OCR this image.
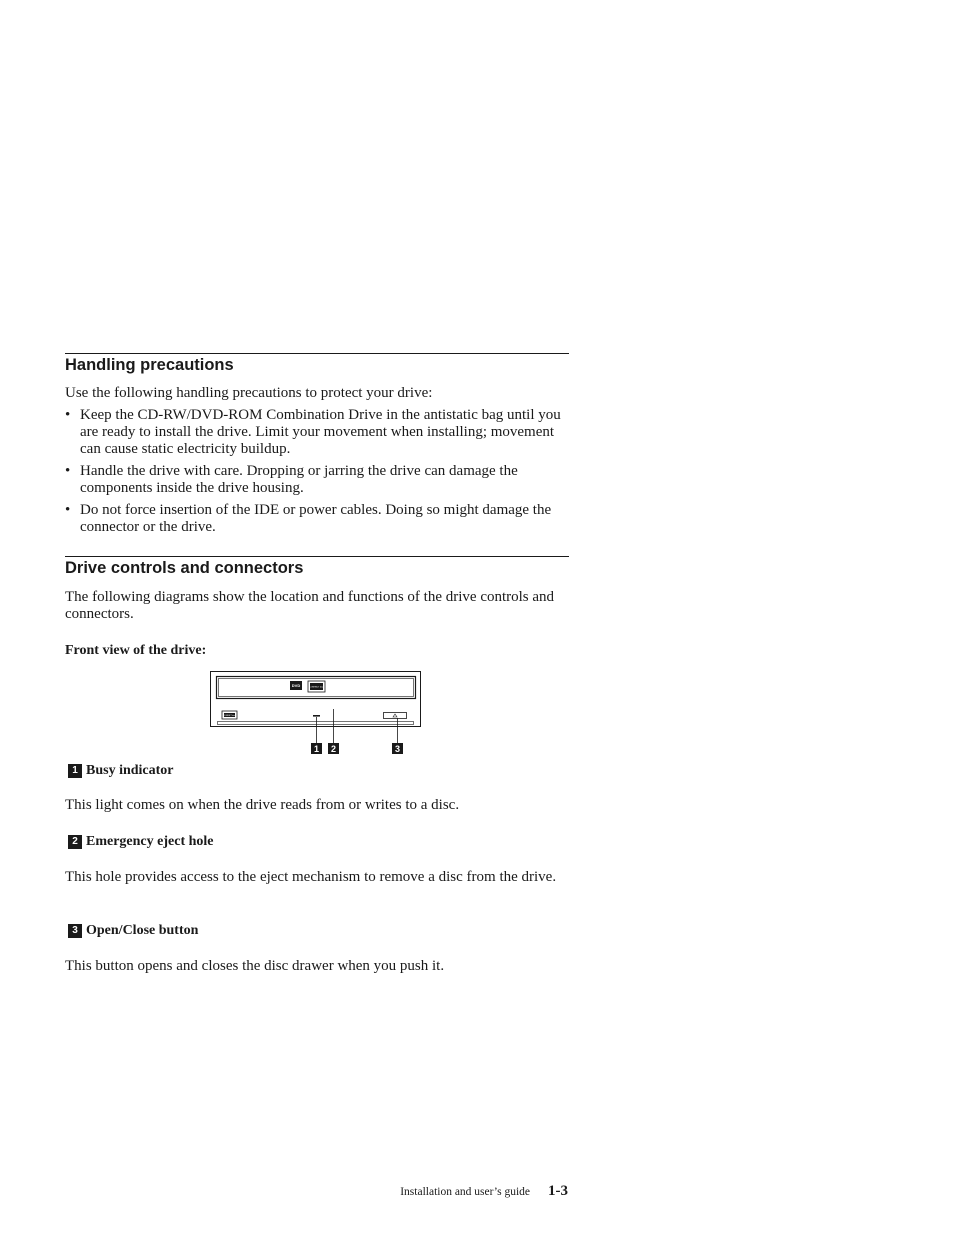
Handling precautions

Use the following handling precautions to protect your drive:

• Keep the CD-RW/DVD-ROM Combination Drive in the antistatic bag until you are ready to install the drive. Limit your movement when installing; movement can cause static electricity buildup.
• Handle the drive with care. Dropping or jarring the drive can damage the components inside the drive housing.
• Do not force insertion of the IDE or power cables. Doing so might damage the connector or the drive.
Drive controls and connectors

The following diagrams show the location and functions of the drive controls and connectors.

Front view of the drive:
DVD	COMPACT disc
COMPACT disc
1 2	3
1 Busy indicator

This light comes on when the drive reads from or writes to a disc.

2 Emergency eject hole

This hole provides access to the eject mechanism to remove a disc from the drive.

3 Open/Close button

This button opens and closes the disc drawer when you push it.

Installation and user’s guide 1-3
